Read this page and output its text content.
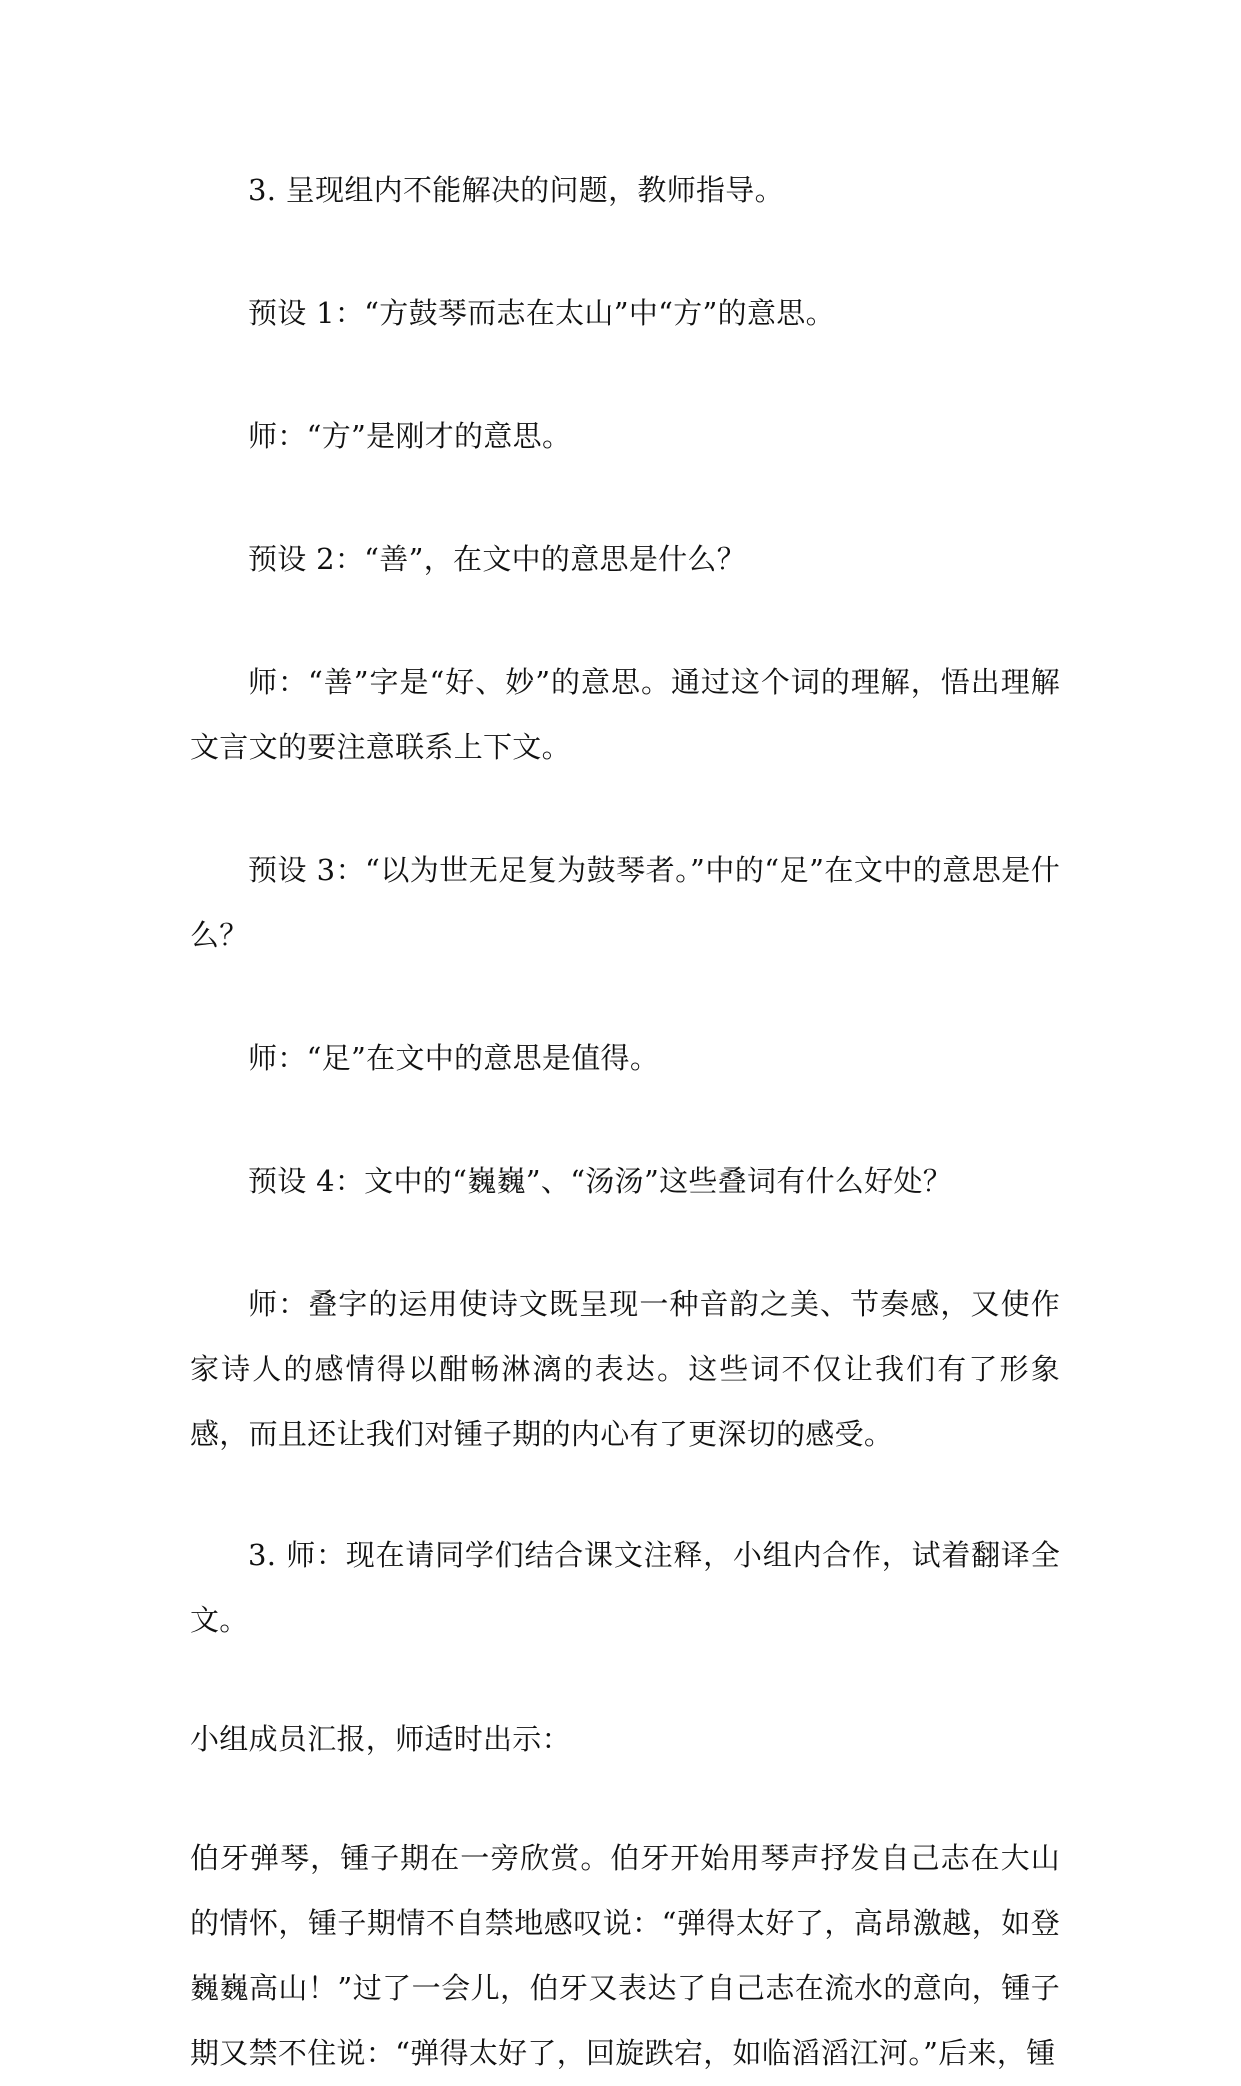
3. 呈现组内不能解决的问题，教师指导。

预设 1：“方鼓琴而志在太山”中“方”的意思。

师：“方”是刚才的意思。

预设 2：“善”，在文中的意思是什么？

师：“善”字是“好、妙”的意思。通过这个词的理解，悟出理解文言文的要注意联系上下文。

预设 3：“以为世无足复为鼓琴者。”中的“足”在文中的意思是什么？

师：“足”在文中的意思是值得。

预设 4：文中的“巍巍”、“汤汤”这些叠词有什么好处？

师：叠字的运用使诗文既呈现一种音韵之美、节奏感，又使作家诗人的感情得以酣畅淋漓的表达。这些词不仅让我们有了形象感，而且还让我们对锺子期的内心有了更深切的感受。

3. 师：现在请同学们结合课文注释，小组内合作，试着翻译全文。

小组成员汇报，师适时出示：

伯牙弹琴，锺子期在一旁欣赏。伯牙开始用琴声抒发自己志在大山的情怀，锺子期情不自禁地感叹说：“弹得太好了，高昂激越，如登巍巍高山！”过了一会儿，伯牙又表达了自己志在流水的意向，锺子期又禁不住说：“弹得太好了，回旋跌宕，如临滔滔江河。”后来，锺
